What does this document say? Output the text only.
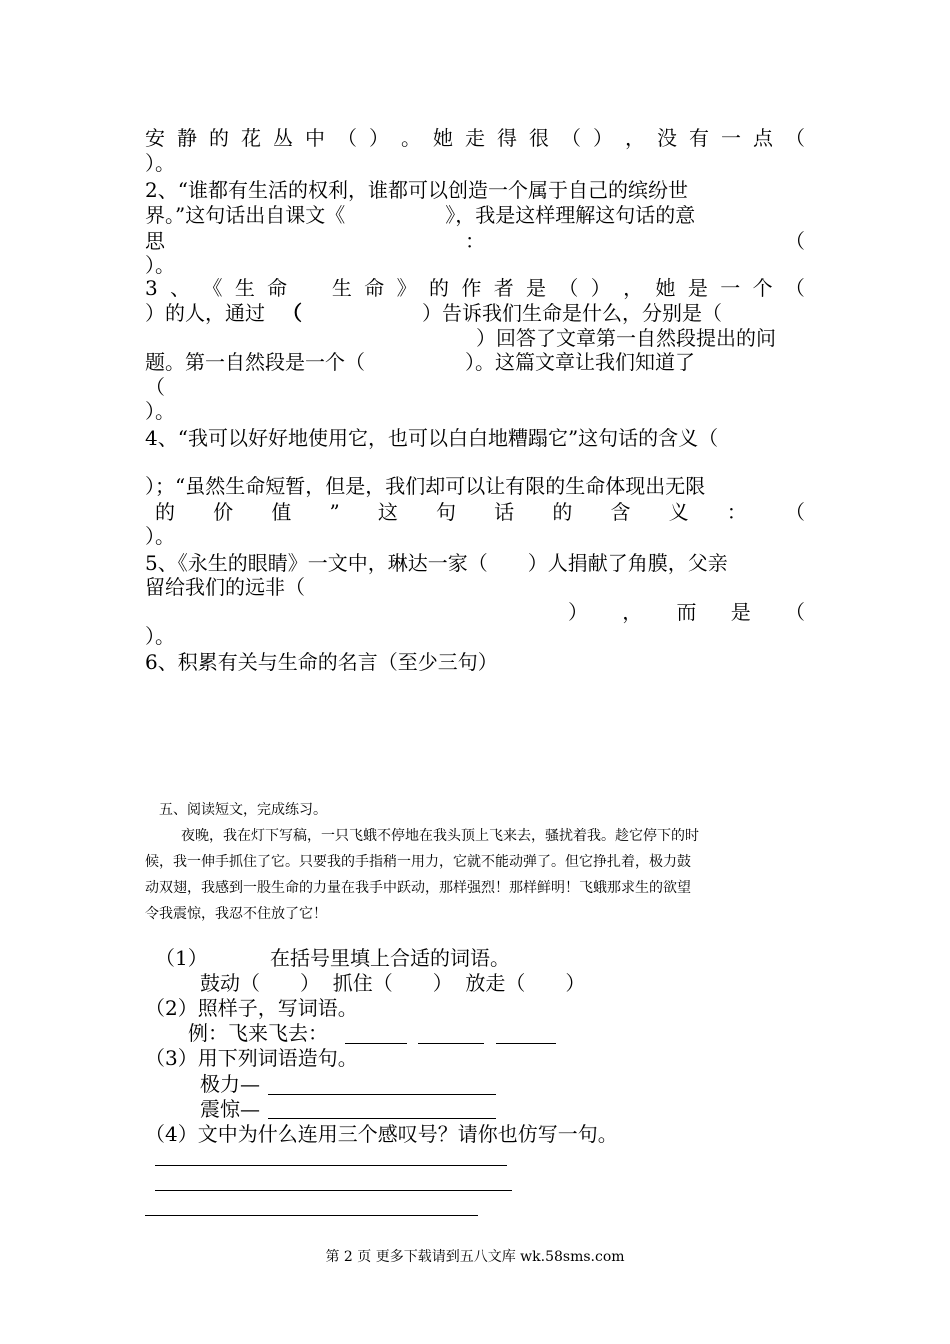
安 静 的 花 丛 中 （ ） 。 她 走 得 很 （ ） ， 没 有 一 点 （
）。
2、“谁都有生活的权利，谁都可以创造一个属于自己的缤纷世
界。”这句话出自课文《　　　　　》，我是这样理解这句话的意
思	：	（
）。
3 、 《 生 命
　 生 命 》 的 作 者 是 （ ） ， 她 是 一 个 （
）的人，通过 （	）告诉我们生命是什么，分别是（
）回答了文章第一自然段提出的问
题。第一自然段是一个（　　　　　）。这篇文章让我们知道了
（
）。
4、“我可以好好地使用它，也可以白白地糟蹋它”这句话的含义（
）；“虽然生命短暂，但是，我们却可以让有限的生命体现出无限
的 价 值 ” 这 句 话 的 含 义 ： （
）。
5、《永生的眼睛》一文中，琳达一家（　　）人捐献了角膜，父亲
留给我们的远非（
） ， 而 是 （
）。
6、积累有关与生命的名言（至少三句）
五、阅读短文，完成练习。
夜晚，我在灯下写稿，一只飞蛾不停地在我头顶上飞来去，骚扰着我。趁它停下的时
候，我一伸手抓住了它。只要我的手指稍一用力，它就不能动弹了。但它挣扎着，极力鼓
动双翅，我感到一股生命的力量在我手中跃动，那样强烈！那样鲜明！飞蛾那求生的欲望
令我震惊，我忍不住放了它！
（1）	在括号里填上合适的词语。
鼓动（　　）  抓住（　　）  放走（　　）
（2）照样子，写词语。
例：飞来飞去：
（3）用下列词语造句。
极力—
震惊—
（4）文中为什么连用三个感叹号？请你也仿写一句。
第 2 页 更多下载请到五八文库 wk.58sms.com
